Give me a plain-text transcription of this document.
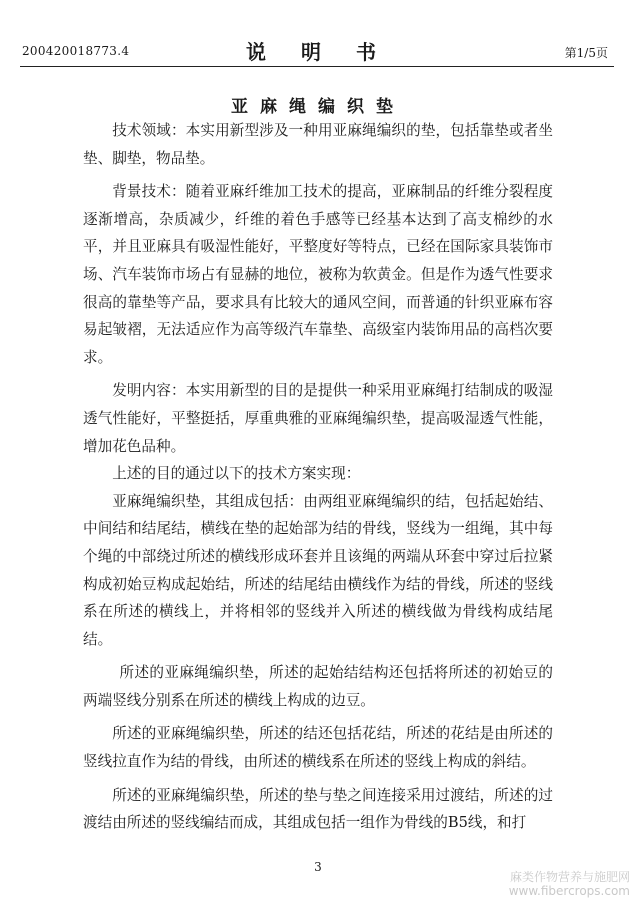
200420018773.4	说 明 书	第1/5页
亚麻绳编织垫

技术领域：本实用新型涉及一种用亚麻绳编织的垫，包括靠垫或者坐垫、脚垫，物品垫。

背景技术：随着亚麻纤维加工技术的提高，亚麻制品的纤维分裂程度逐渐增高，杂质减少，纤维的着色手感等已经基本达到了高支棉纱的水平，并且亚麻具有吸湿性能好，平整度好等特点，已经在国际家具装饰市场、汽车装饰市场占有显赫的地位，被称为软黄金。但是作为透气性要求很高的靠垫等产品，要求具有比较大的通风空间，而普通的针织亚麻布容易起皱褶，无法适应作为高等级汽车靠垫、高级室内装饰用品的高档次要求。

发明内容：本实用新型的目的是提供一种采用亚麻绳打结制成的吸湿透气性能好，平整挺括，厚重典雅的亚麻绳编织垫，提高吸湿透气性能，增加花色品种。

上述的目的通过以下的技术方案实现：

亚麻绳编织垫，其组成包括：由两组亚麻绳编织的结，包括起始结、中间结和结尾结，横线在垫的起始部为结的骨线，竖线为一组绳，其中每个绳的中部绕过所述的横线形成环套并且该绳的两端从环套中穿过后拉紧构成初始豆构成起始结，所述的结尾结由横线作为结的骨线，所述的竖线系在所述的横线上，并将相邻的竖线并入所述的横线做为骨线构成结尾结。

所述的亚麻绳编织垫，所述的起始结结构还包括将所述的初始豆的两端竖线分别系在所述的横线上构成的边豆。

所述的亚麻绳编织垫，所述的结还包括花结，所述的花结是由所述的竖线拉直作为结的骨线，由所述的横线系在所述的竖线上构成的斜结。

所述的亚麻绳编织垫，所述的垫与垫之间连接采用过渡结，所述的过渡结由所述的竖线编结而成，其组成包括一组作为骨线的B5线，和打

3
麻类作物营养与施肥网
www.fibercrops.com
